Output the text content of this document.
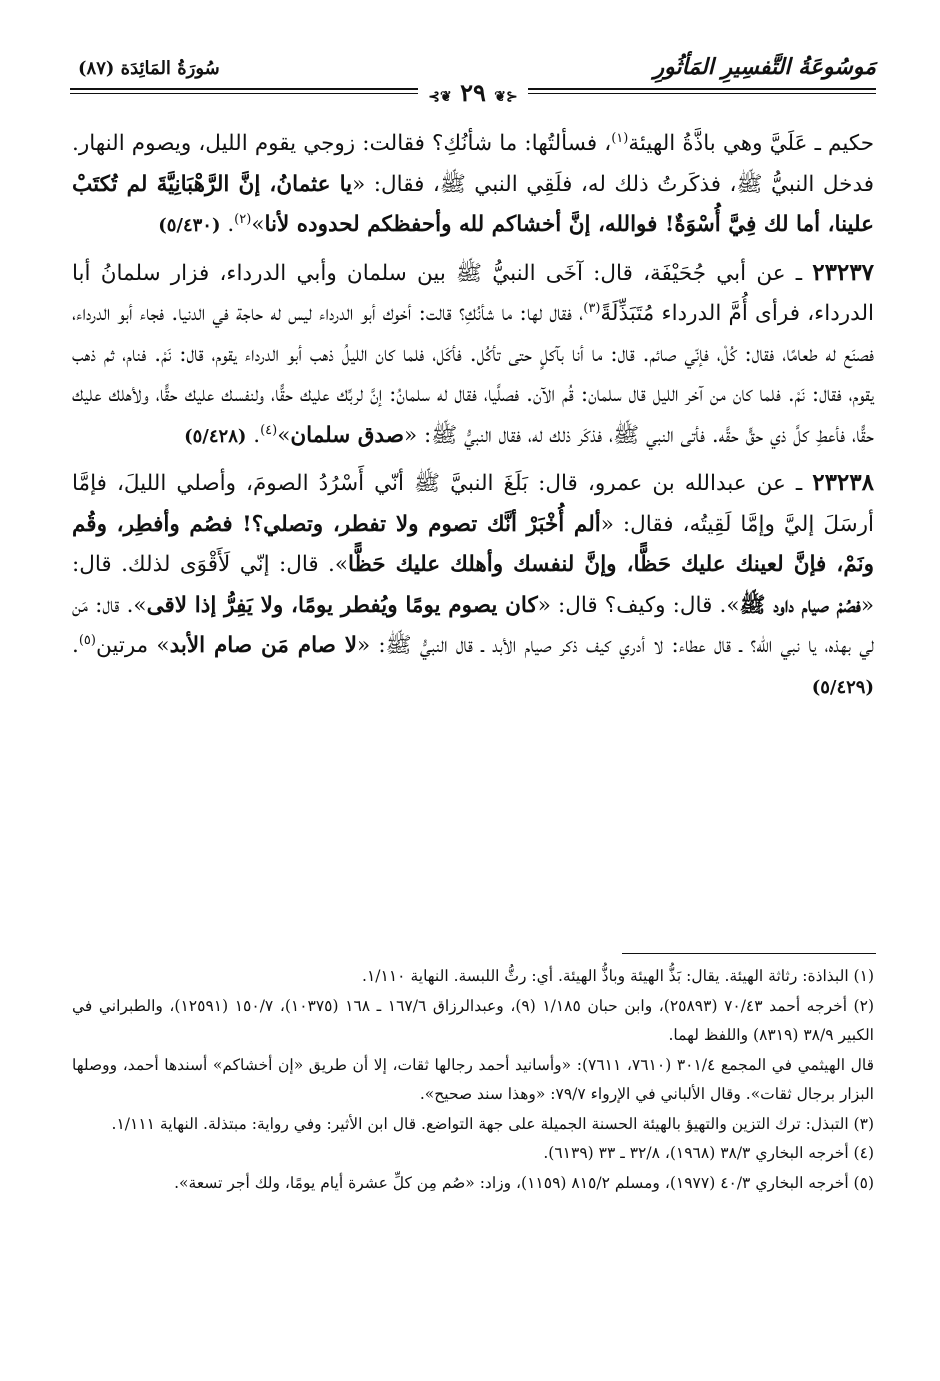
مَوسُوعَةُ التَّفسِيرِ المَأثُورِ
سُورَةُ المَائِدَة (٨٧)
⊰❦ ٢٩ ❦⊱

حكيم ـ عَلَيَّ وهي باذَّةُ الهيئة$^{(١)}$، فسألتُها: ما شأنُكِ؟ فقالت: زوجي يقوم الليل، ويصوم النهار. فدخل النبيُّ ﷺ، فذكَرتُ ذلك له، فلَقِي النبي ﷺ، فقال: «يا عثمانُ، إنَّ الرَّهْبَانِيَّةَ لم تُكتَبْ علينا، أما لك فِيَّ أُسْوَةٌ! فوالله، إنَّ أخشاكم لله وأحفظكم لحدوده لأنا»$^{(٢)}$. (٥/٤٣٠)

٢٣٢٣٧ ـ عن أبي جُحَيْفَة، قال: آخَى النبيُّ ﷺ بين سلمان وأبي الدرداء، فزار سلمانُ أبا الدرداء، فرأى أُمَّ الدرداء مُتَبَذِّلَةً$^{(٣)}$، فقال لها: ما شأنُكِ؟ قالت: أخوك أبو الدرداء ليس له حاجة في الدنيا. فجاء أبو الدرداء، فصنَع له طعامًا، فقال: كُلْ، فإنّي صائم. قال: ما أنا بآكلٍ حتى تأكُل. فأكَل، فلما كان الليلُ ذهب أبو الدرداء يقوم، قال: نَمْ. فنام، ثم ذهب يقوم، فقال: نَمْ. فلما كان من آخر الليل قال سلمان: قُم الآن. فصلَّيا، فقال له سلمانُ: إنَّ لربِّك عليك حقًّا، ولنفسك عليك حقًّا، ولأهلك عليك حقًّا، فأعطِ كلَّ ذي حقٍّ حقَّه. فأتى النبي ﷺ، فذكَر ذلك له، فقال النبيُّ ﷺ: «صدق سلمان»$^{(٤)}$. (٥/٤٢٨)

٢٣٢٣٨ ـ عن عبدالله بن عمرو، قال: بَلَغَ النبيَّ ﷺ أنّي أَسْرُدُ الصومَ، وأصلي الليلَ، فإمَّا أرسَلَ إليَّ وإمَّا لَقِيتُه، فقال: «ألم أُخْبَرْ أنَّك تصوم ولا تفطر، وتصلي؟! فصُم وأفطِر، وقُم ونَمْ، فإنَّ لعينك عليك حَظًّا، وإنَّ لنفسك وأهلك عليك حَظًّا». قال: إنّي لَأَقْوَى لذلك. قال: «فصُمْ صيام داود ﷺ». قال: وكيف؟ قال: «كان يصوم يومًا ويُفطر يومًا، ولا يَفِرُّ إذا لاقى». قال: مَن لي بهذه، يا نبي الله؟ ـ قال عطاء: لا أدري كيف ذكر صيام الأبد ـ قال النبيُّ ﷺ: «لا صام مَن صام الأبد» مرتين$^{(٥)}$. (٥/٤٢٩)

(١) البذاذة: رثاثة الهيئة. يقال: بَذُّ الهيئة وباذُّ الهيئة. أي: رثُّ اللبسة. النهاية ١/١١٠.

(٢) أخرجه أحمد ٧٠/٤٣ (٢٥٨٩٣)، وابن حبان ١/١٨٥ (٩)، وعبدالرزاق ١٦٧/٦ ـ ١٦٨ (١٠٣٧٥)، ١٥٠/٧ (١٢٥٩١)، والطبراني في الكبير ٣٨/٩ (٨٣١٩) واللفظ لهما.

قال الهيثمي في المجمع ٣٠١/٤ (٧٦١٠، ٧٦١١): «وأسانيد أحمد رجالها ثقات، إلا أن طريق «إن أخشاكم» أسندها أحمد، ووصلها البزار برجال ثقات». وقال الألباني في الإرواء ٧٩/٧: «وهذا سند صحيح».

(٣) التبذل: ترك التزين والتهيؤ بالهيئة الحسنة الجميلة على جهة التواضع. قال ابن الأثير: وفي رواية: مبتذلة. النهاية ١/١١١.

(٤) أخرجه البخاري ٣٨/٣ (١٩٦٨)، ٣٢/٨ ـ ٣٣ (٦١٣٩).

(٥) أخرجه البخاري ٤٠/٣ (١٩٧٧)، ومسلم ٨١٥/٢ (١١٥٩)، وزاد: «صُم مِن كلِّ عشرة أيام يومًا، ولك أجر تسعة».
